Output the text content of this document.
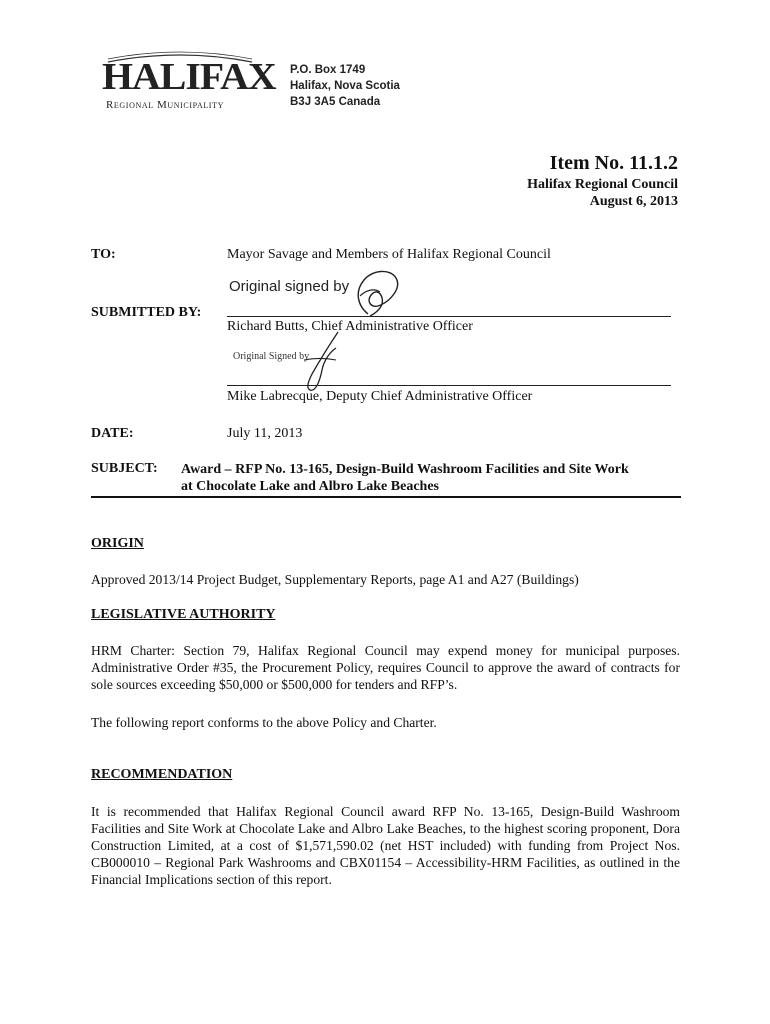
HALIFAX
Regional Municipality
P.O. Box 1749
Halifax, Nova Scotia
B3J 3A5 Canada
Item No. 11.1.2
Halifax Regional Council
August 6, 2013
TO:	Mayor Savage and Members of Halifax Regional Council
Original signed by
SUBMITTED BY:
Richard Butts, Chief Administrative Officer
Original Signed by
Mike Labrecque, Deputy Chief Administrative Officer
DATE:	July 11, 2013
SUBJECT: Award – RFP No. 13-165, Design-Build Washroom Facilities and Site Work
at Chocolate Lake and Albro Lake Beaches
ORIGIN
Approved 2013/14 Project Budget, Supplementary Reports, page A1 and A27 (Buildings)
LEGISLATIVE AUTHORITY
HRM Charter: Section 79, Halifax Regional Council may expend money for municipal purposes. Administrative Order #35, the Procurement Policy, requires Council to approve the award of contracts for sole sources exceeding $50,000 or $500,000 for tenders and RFP’s.
The following report conforms to the above Policy and Charter.
RECOMMENDATION
It is recommended that Halifax Regional Council award RFP No. 13-165, Design-Build Washroom Facilities and Site Work at Chocolate Lake and Albro Lake Beaches, to the highest scoring proponent, Dora Construction Limited, at a cost of $1,571,590.02 (net HST included) with funding from Project Nos. CB000010 – Regional Park Washrooms and CBX01154 – Accessibility-HRM Facilities, as outlined in the Financial Implications section of this report.
